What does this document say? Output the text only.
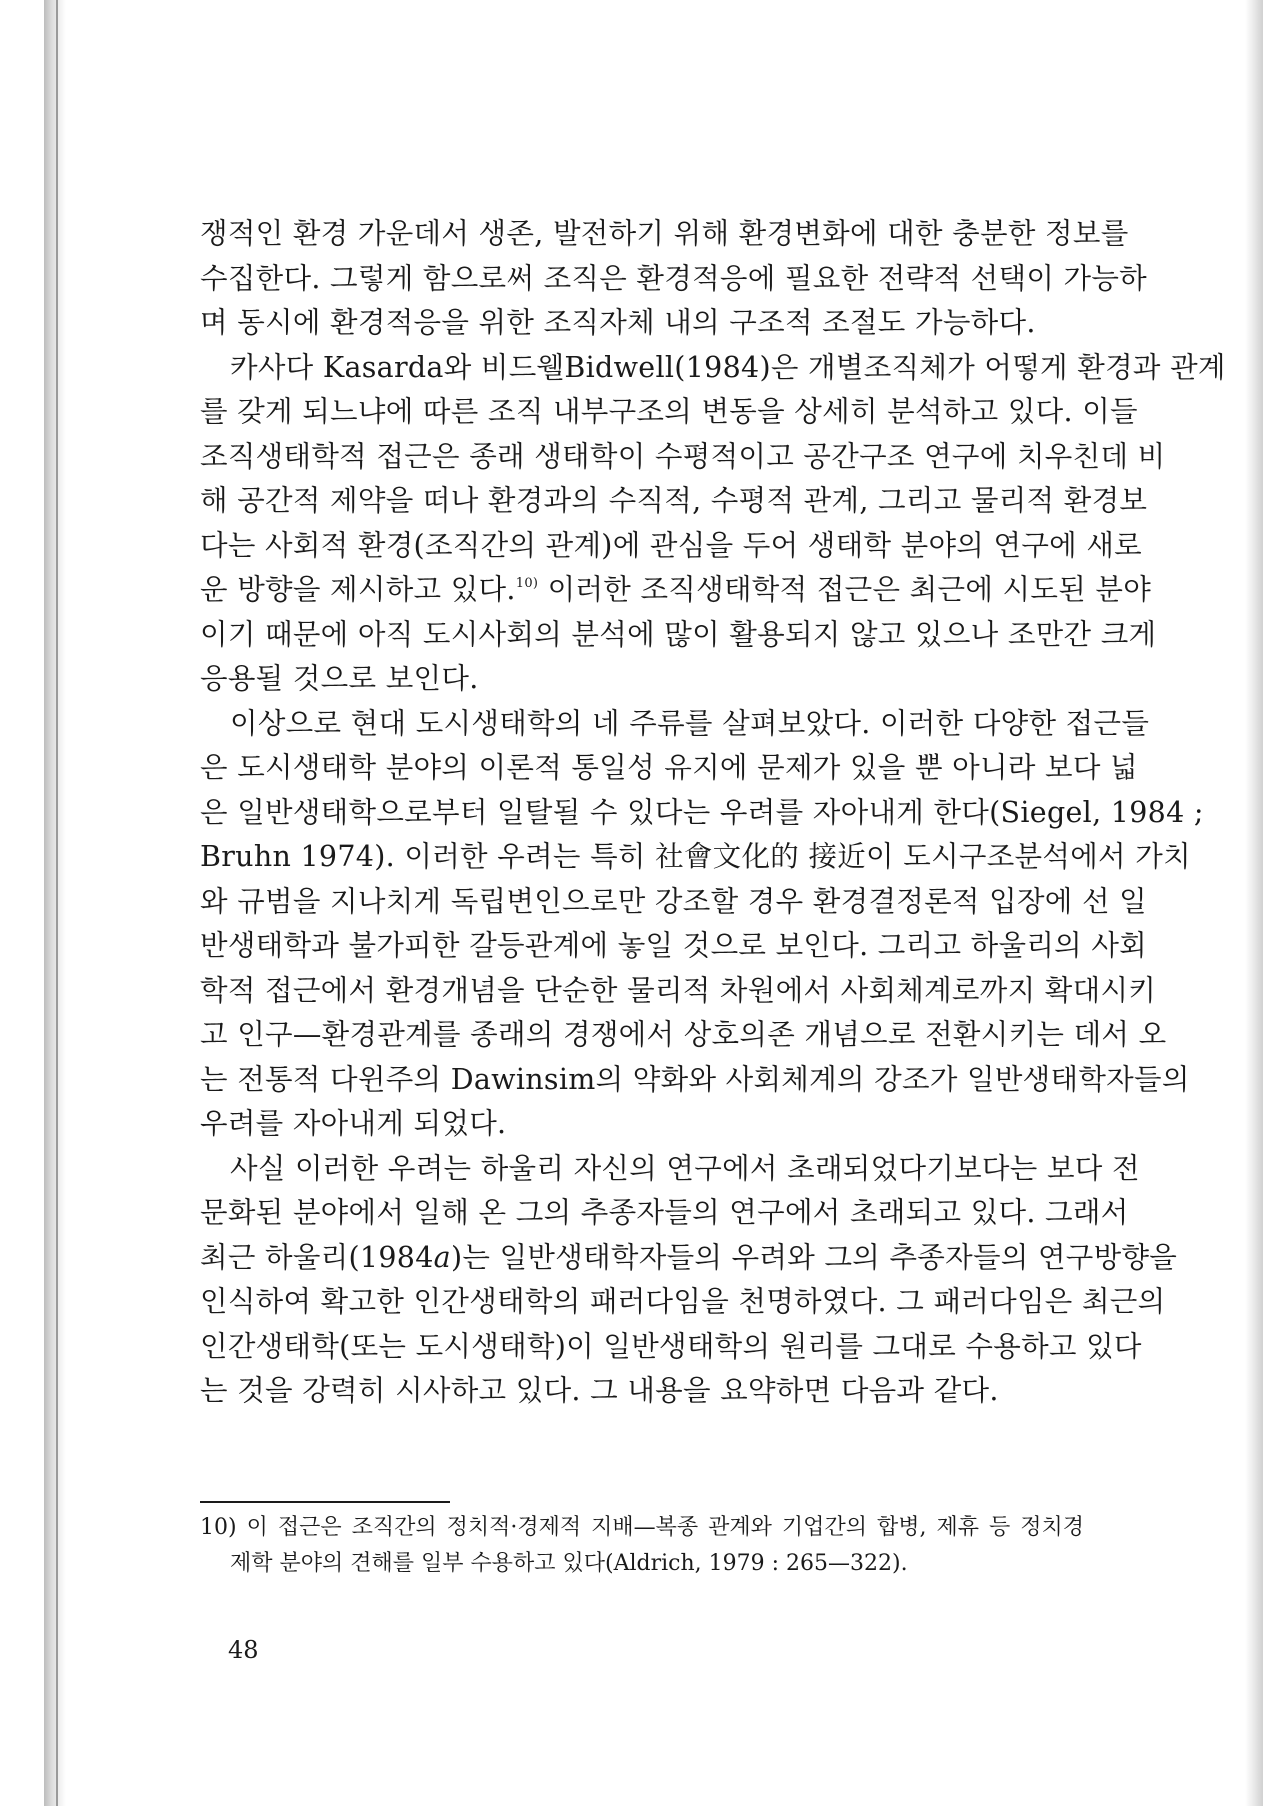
쟁적인 환경 가운데서 생존, 발전하기 위해 환경변화에 대한 충분한 정보를
수집한다. 그렇게 함으로써 조직은 환경적응에 필요한 전략적 선택이 가능하
며 동시에 환경적응을 위한 조직자체 내의 구조적 조절도 가능하다.
카사다 Kasarda와 비드웰Bidwell(1984)은 개별조직체가 어떻게 환경과 관계
를 갖게 되느냐에 따른 조직 내부구조의 변동을 상세히 분석하고 있다. 이들
조직생태학적 접근은 종래 생태학이 수평적이고 공간구조 연구에 치우친데 비
해 공간적 제약을 떠나 환경과의 수직적, 수평적 관계, 그리고 물리적 환경보
다는 사회적 환경(조직간의 관계)에 관심을 두어 생태학 분야의 연구에 새로
운 방향을 제시하고 있다.$^{10)}$ 이러한 조직생태학적 접근은 최근에 시도된 분야
이기 때문에 아직 도시사회의 분석에 많이 활용되지 않고 있으나 조만간 크게
응용될 것으로 보인다.
이상으로 현대 도시생태학의 네 주류를 살펴보았다. 이러한 다양한 접근들
은 도시생태학 분야의 이론적 통일성 유지에 문제가 있을 뿐 아니라 보다 넓
은 일반생태학으로부터 일탈될 수 있다는 우려를 자아내게 한다(Siegel, 1984 ;
Bruhn 1974). 이러한 우려는 특히 社會文化的 接近이 도시구조분석에서 가치
와 규범을 지나치게 독립변인으로만 강조할 경우 환경결정론적 입장에 선 일
반생태학과 불가피한 갈등관계에 놓일 것으로 보인다. 그리고 하울리의 사회
학적 접근에서 환경개념을 단순한 물리적 차원에서 사회체계로까지 확대시키
고 인구—환경관계를 종래의 경쟁에서 상호의존 개념으로 전환시키는 데서 오
는 전통적 다윈주의 Dawinsim의 약화와 사회체계의 강조가 일반생태학자들의
우려를 자아내게 되었다.
사실 이러한 우려는 하울리 자신의 연구에서 초래되었다기보다는 보다 전
문화된 분야에서 일해 온 그의 추종자들의 연구에서 초래되고 있다. 그래서
최근 하울리(1984a)는 일반생태학자들의 우려와 그의 추종자들의 연구방향을
인식하여 확고한 인간생태학의 패러다임을 천명하였다. 그 패러다임은 최근의
인간생태학(또는 도시생태학)이 일반생태학의 원리를 그대로 수용하고 있다
는 것을 강력히 시사하고 있다. 그 내용을 요약하면 다음과 같다.
10) 이 접근은 조직간의 정치적·경제적 지배—복종 관계와 기업간의 합병, 제휴 등 정치경
제학 분야의 견해를 일부 수용하고 있다(Aldrich, 1979 : 265—322).
48
